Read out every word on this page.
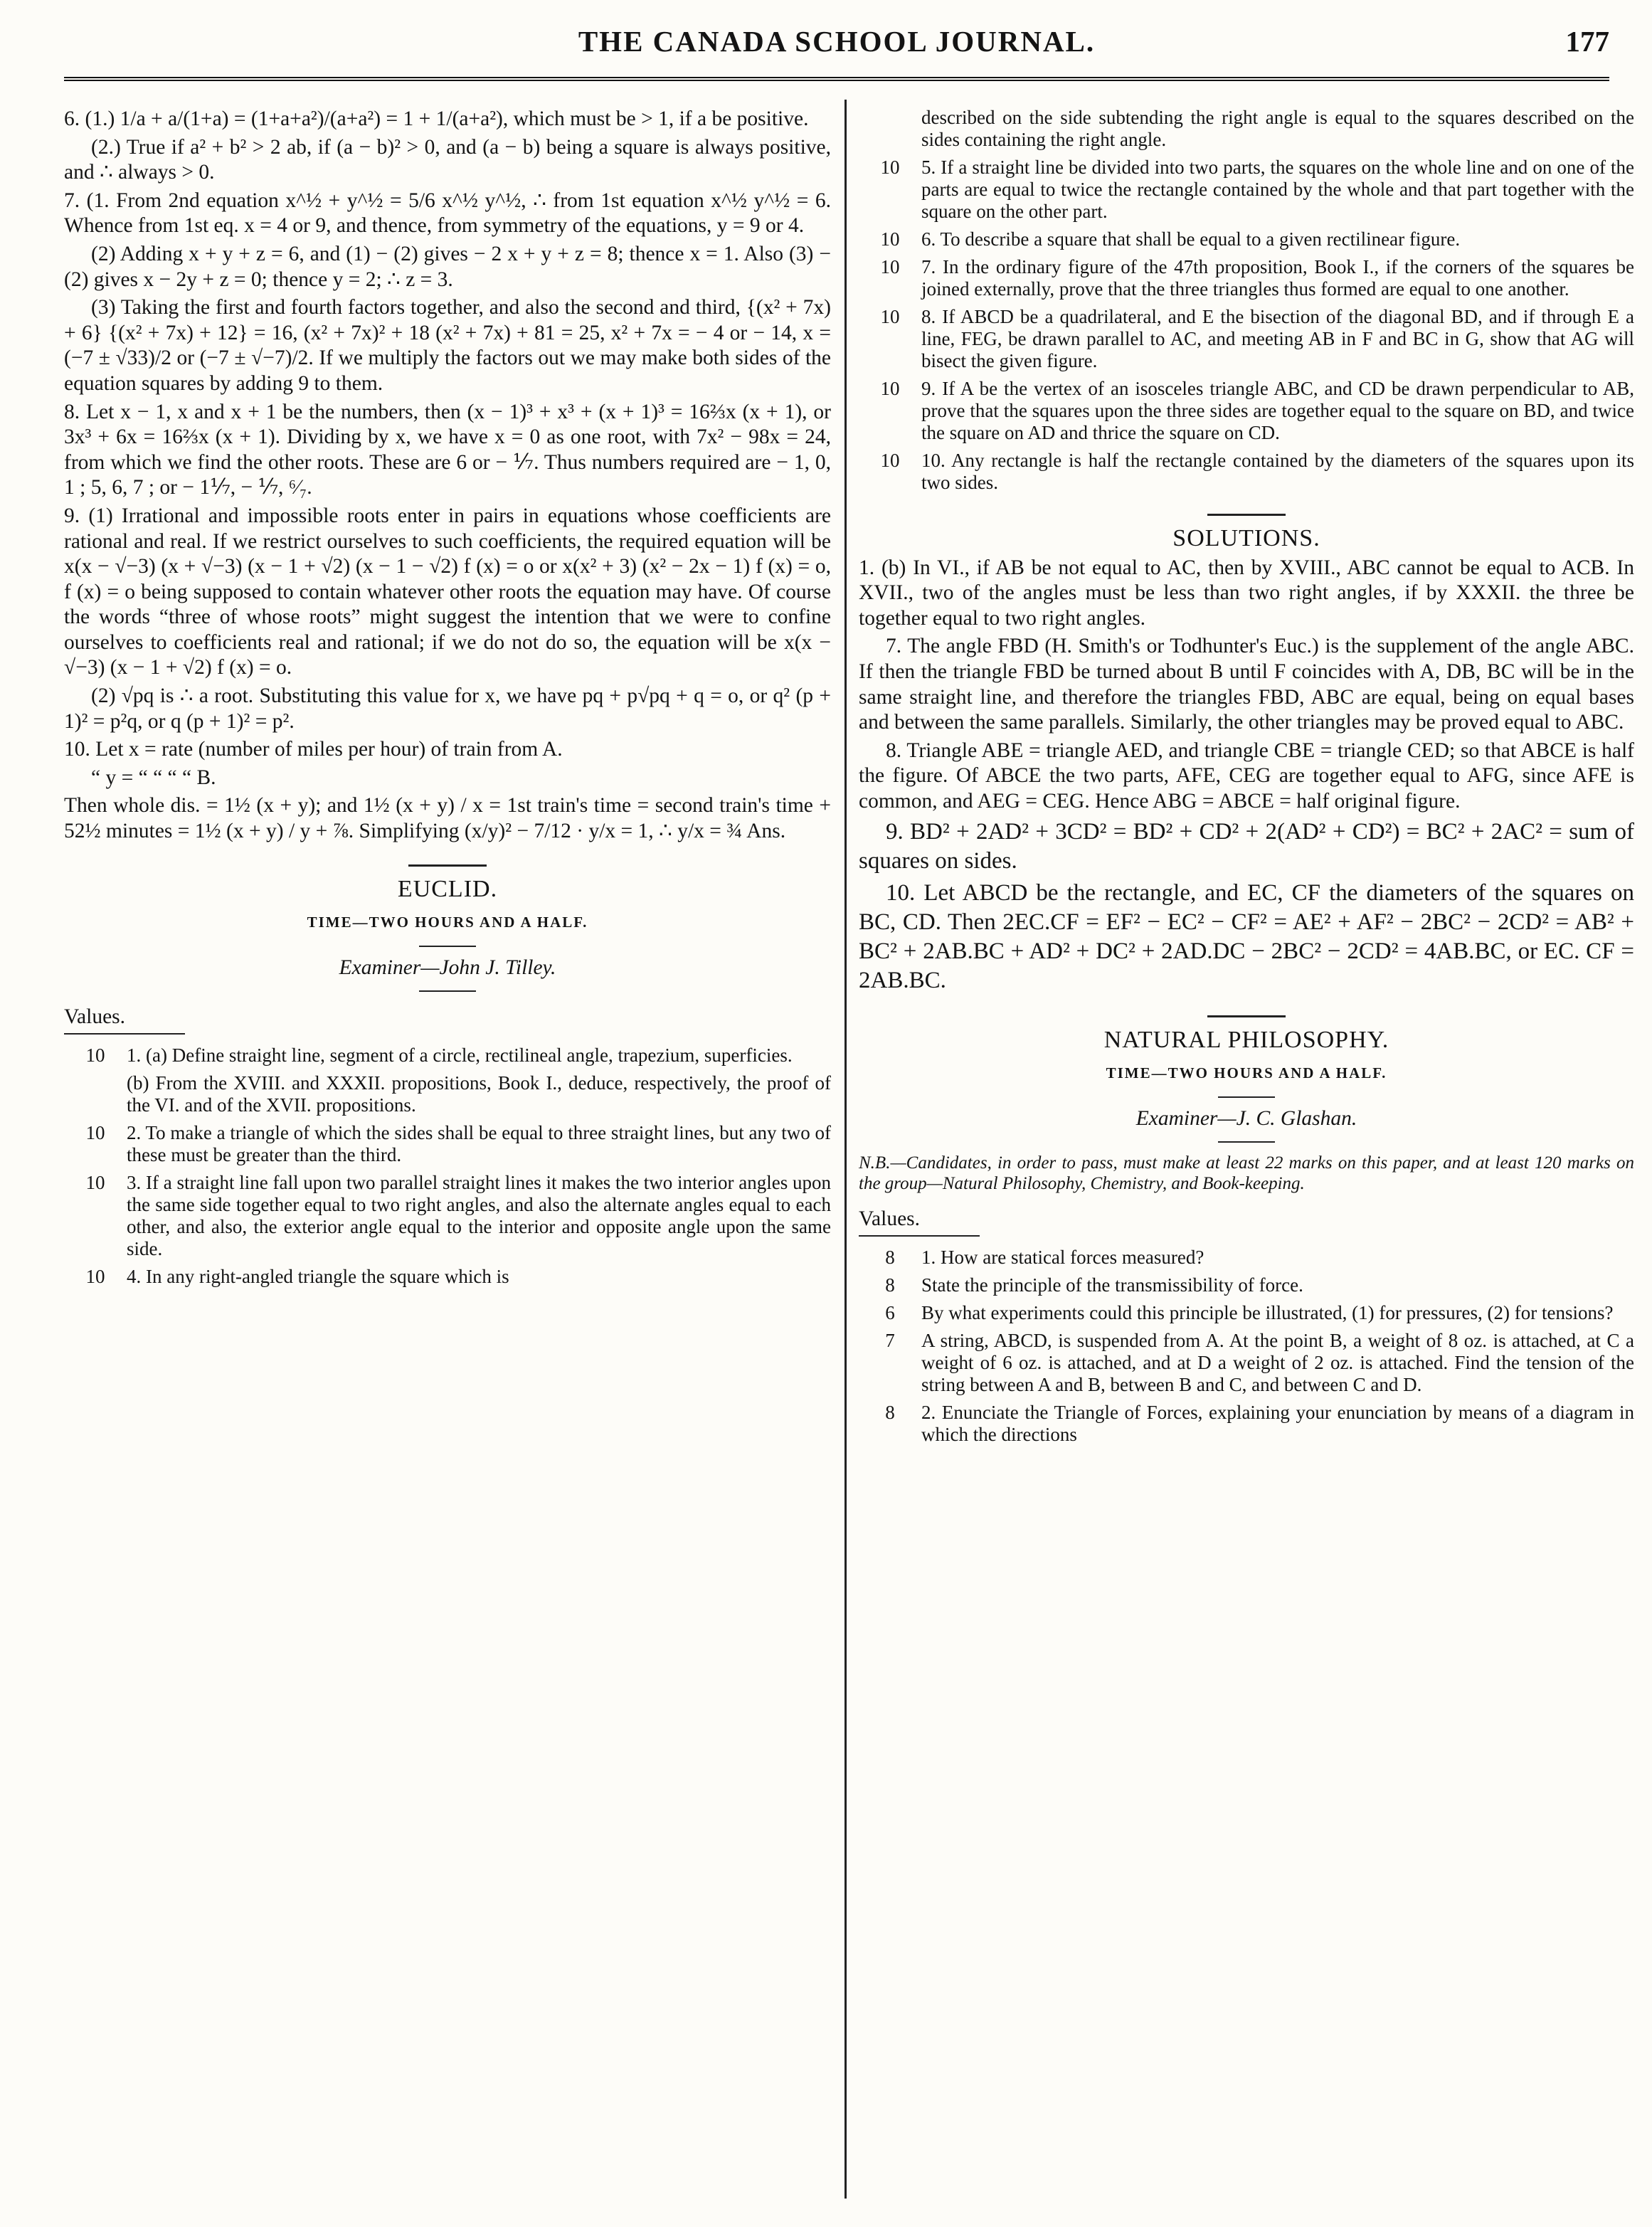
THE CANADA SCHOOL JOURNAL.	177

6. (1.) 1/a + a/(1+a) = (1+a+a²)/(a+a²) = 1 + 1/(a+a²), which must be > 1, if a be positive.

(2.) True if a² + b² > 2 ab, if (a − b)² > 0, and (a − b) being a square is always positive, and ∴ always > 0.

7. (1. From 2nd equation x^½ + y^½ = 5/6 x^½ y^½, ∴ from 1st equation x^½ y^½ = 6. Whence from 1st eq. x = 4 or 9, and thence, from symmetry of the equations, y = 9 or 4.

(2) Adding x + y + z = 6, and (1) − (2) gives − 2 x + y + z = 8; thence x = 1. Also (3) − (2) gives x − 2y + z = 0; thence y = 2; ∴ z = 3.

(3) Taking the first and fourth factors together, and also the second and third, {(x² + 7x) + 6} {(x² + 7x) + 12} = 16, (x² + 7x)² + 18 (x² + 7x) + 81 = 25, x² + 7x = − 4 or − 14, x = (−7 ± √33)/2 or (−7 ± √−7)/2. If we multiply the factors out we may make both sides of the equation squares by adding 9 to them.

8. Let x − 1, x and x + 1 be the numbers, then (x − 1)³ + x³ + (x + 1)³ = 16⅔x (x + 1), or 3x³ + 6x = 16⅔x (x + 1). Dividing by x, we have x = 0 as one root, with 7x² − 98x = 24, from which we find the other roots. These are 6 or − ⅐. Thus numbers required are − 1, 0, 1 ; 5, 6, 7 ; or − 1⅐, − ⅐, ⁶⁄₇.

9. (1) Irrational and impossible roots enter in pairs in equations whose coefficients are rational and real. If we restrict ourselves to such coefficients, the required equation will be x(x − √−3) (x + √−3) (x − 1 + √2) (x − 1 − √2) f (x) = o or x(x² + 3) (x² − 2x − 1) f (x) = o, f (x) = o being supposed to contain whatever other roots the equation may have. Of course the words “three of whose roots” might suggest the intention that we were to confine ourselves to coefficients real and rational; if we do not do so, the equation will be x(x − √−3) (x − 1 + √2) f (x) = o.

(2) √pq is ∴ a root. Substituting this value for x, we have pq + p√pq + q = o, or q² (p + 1)² = p²q, or q (p + 1)² = p².

10. Let x = rate (number of miles per hour) of train from A.

“ y = “ “ “ “ B.

Then whole dis. = 1½ (x + y); and 1½ (x + y) / x = 1st train's time = second train's time + 52½ minutes = 1½ (x + y) / y + ⅞. Simplifying (x/y)² − 7/12 · y/x = 1, ∴ y/x = ¾ Ans.

EUCLID.
TIME—TWO HOURS AND A HALF.
Examiner—John J. Tilley.
Values.
10	1. (a) Define straight line, segment of a circle, rectilineal angle, trapezium, superficies.
(b) From the XVIII. and XXXII. propositions, Book I., deduce, respectively, the proof of the VI. and of the XVII. propositions.
10	2. To make a triangle of which the sides shall be equal to three straight lines, but any two of these must be greater than the third.
10	3. If a straight line fall upon two parallel straight lines it makes the two interior angles upon the same side together equal to two right angles, and also the alternate angles equal to each other, and also, the exterior angle equal to the interior and opposite angle upon the same side.
10	4. In any right-angled triangle the square which is
described on the side subtending the right angle is equal to the squares described on the sides containing the right angle.
10	5. If a straight line be divided into two parts, the squares on the whole line and on one of the parts are equal to twice the rectangle contained by the whole and that part together with the square on the other part.
10	6. To describe a square that shall be equal to a given rectilinear figure.
10	7. In the ordinary figure of the 47th proposition, Book I., if the corners of the squares be joined externally, prove that the three triangles thus formed are equal to one another.
10	8. If ABCD be a quadrilateral, and E the bisection of the diagonal BD, and if through E a line, FEG, be drawn parallel to AC, and meeting AB in F and BC in G, show that AG will bisect the given figure.
10	9. If A be the vertex of an isosceles triangle ABC, and CD be drawn perpendicular to AB, prove that the squares upon the three sides are together equal to the square on BD, and twice the square on AD and thrice the square on CD.
10	10. Any rectangle is half the rectangle contained by the diameters of the squares upon its two sides.
SOLUTIONS.

1. (b) In VI., if AB be not equal to AC, then by XVIII., ABC cannot be equal to ACB. In XVII., two of the angles must be less than two right angles, if by XXXII. the three be together equal to two right angles.

7. The angle FBD (H. Smith's or Todhunter's Euc.) is the supplement of the angle ABC. If then the triangle FBD be turned about B until F coincides with A, DB, BC will be in the same straight line, and therefore the triangles FBD, ABC are equal, being on equal bases and between the same parallels. Similarly, the other triangles may be proved equal to ABC.

8. Triangle ABE = triangle AED, and triangle CBE = triangle CED; so that ABCE is half the figure. Of ABCE the two parts, AFE, CEG are together equal to AFG, since AFE is common, and AEG = CEG. Hence ABG = ABCE = half original figure.

9. BD² + 2AD² + 3CD² = BD² + CD² + 2(AD² + CD²) = BC² + 2AC² = sum of squares on sides.

10. Let ABCD be the rectangle, and EC, CF the diameters of the squares on BC, CD. Then 2EC.CF = EF² − EC² − CF² = AE² + AF² − 2BC² − 2CD² = AB² + BC² + 2AB.BC + AD² + DC² + 2AD.DC − 2BC² − 2CD² = 4AB.BC, or EC. CF = 2AB.BC.

NATURAL PHILOSOPHY.
TIME—TWO HOURS AND A HALF.
Examiner—J. C. Glashan.
N.B.—Candidates, in order to pass, must make at least 22 marks on this paper, and at least 120 marks on the group—Natural Philosophy, Chemistry, and Book-keeping.
Values.
8	1. How are statical forces measured?
8	State the principle of the transmissibility of force.
6	By what experiments could this principle be illustrated, (1) for pressures, (2) for tensions?
7	A string, ABCD, is suspended from A. At the point B, a weight of 8 oz. is attached, at C a weight of 6 oz. is attached, and at D a weight of 2 oz. is attached. Find the tension of the string between A and B, between B and C, and between C and D.
8	2. Enunciate the Triangle of Forces, explaining your enunciation by means of a diagram in which the directions
